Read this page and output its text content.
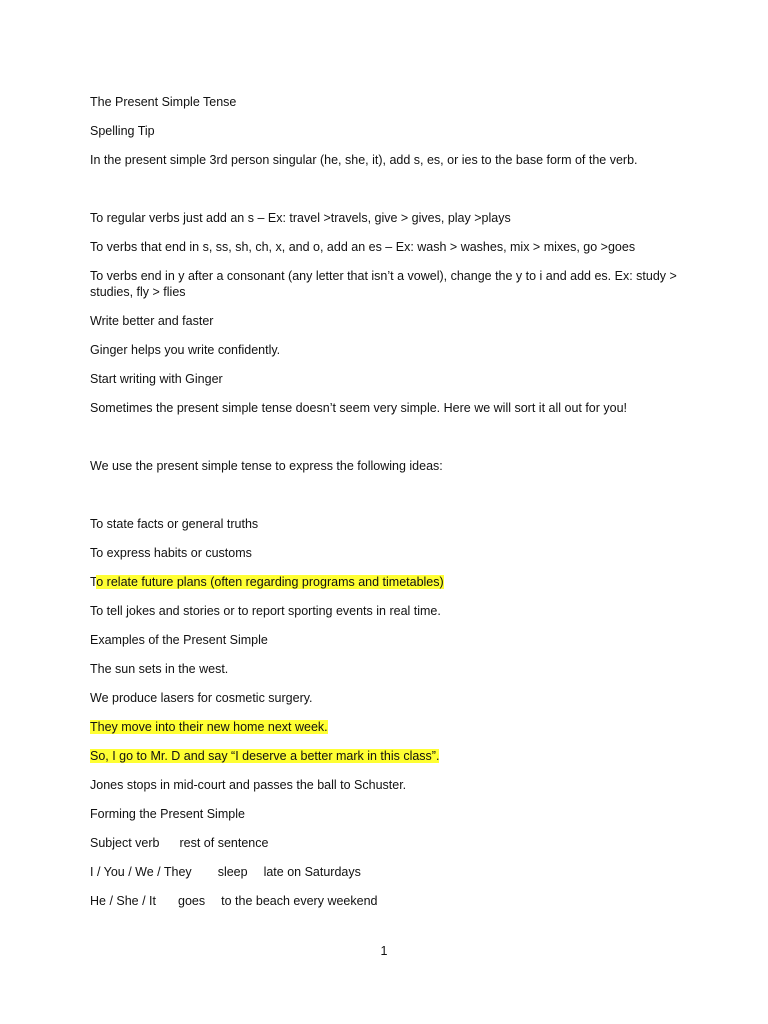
The Present Simple Tense

Spelling Tip

In the present simple 3rd person singular (he, she, it), add s, es, or ies to the base form of the verb.

To regular verbs just add an s – Ex: travel >travels, give > gives, play >plays

To verbs that end in s, ss, sh, ch, x, and o, add an es – Ex: wash > washes, mix > mixes, go >goes

To verbs end in y after a consonant (any letter that isn’t a vowel), change the y to i and add es. Ex: study > studies, fly > flies

Write better and faster

Ginger helps you write confidently.

Start writing with Ginger

Sometimes the present simple tense doesn’t seem very simple. Here we will sort it all out for you!

We use the present simple tense to express the following ideas:

To state facts or general truths

To express habits or customs

To relate future plans (often regarding programs and timetables)

To tell jokes and stories or to report sporting events in real time.

Examples of the Present Simple

The sun sets in the west.

We produce lasers for cosmetic surgery.

They move into their new home next week.

So, I go to Mr. D and say “I deserve a better mark in this class”.

Jones stops in mid-court and passes the ball to Schuster.

Forming the Present Simple

Subject verb rest of sentence

I / You / We / They sleep late on Saturdays

He / She / It goes to the beach every weekend

1
